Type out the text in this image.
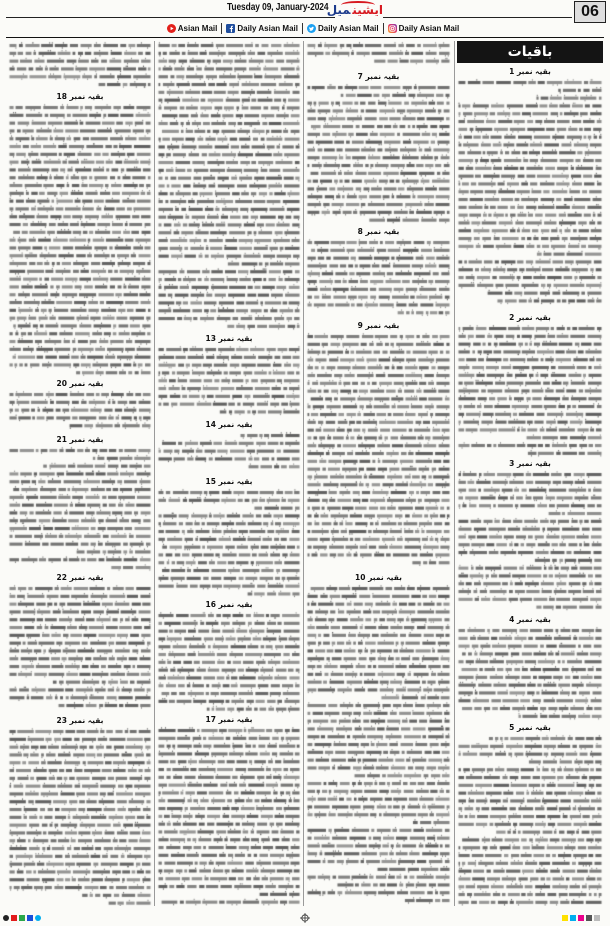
Tuesday 09, January-2024	ایشینمیل	06
Asian Mail	Daily Asian Mail	Daily Asian Mail	Daily Asian Mail
بقیہ نمبر 18
بقیہ نمبر 20
بقیہ نمبر 21
بقیہ نمبر 22
بقیہ نمبر 23
بقیہ نمبر 13
بقیہ نمبر 14
بقیہ نمبر 15
بقیہ نمبر 16
بقیہ نمبر 17
بقیہ نمبر 7
بقیہ نمبر 8
بقیہ نمبر 9
بقیہ نمبر 10
باقیات
بقیہ نمبر 1
بقیہ نمبر 2
بقیہ نمبر 3
بقیہ نمبر 4
بقیہ نمبر 5
